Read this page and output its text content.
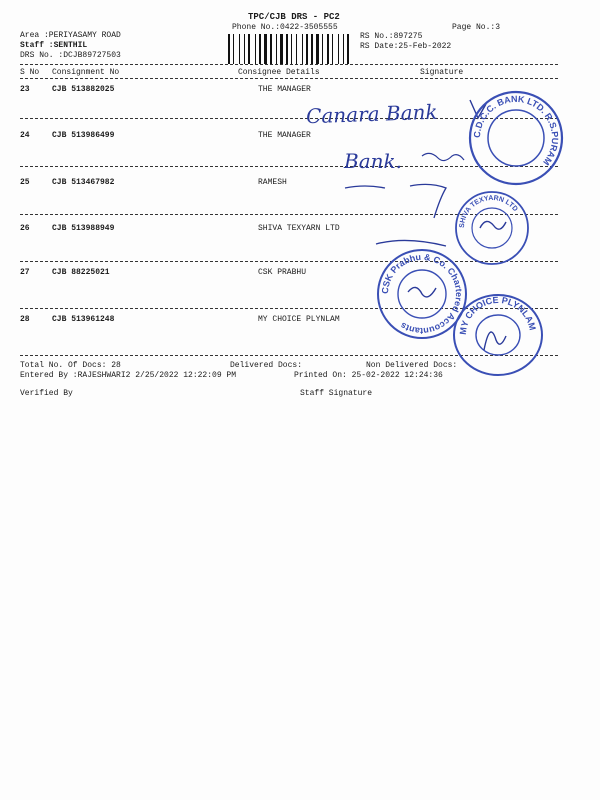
TPC/CJB DRS - PC2
Phone No.:0422-3505555	Page No.:3
Area :PERIYASAMY ROAD
Staff :SENTHIL
DRS No. :DCJB89727503
RS No.:897275
RS Date:25-Feb-2022
S No Consignment No	Consignee Details	Signature
23	CJB 513882025	THE MANAGER
24	CJB 513986499	THE MANAGER
25	CJB 513467982	RAMESH
26	CJB 513988949	SHIVA TEXYARN LTD
27	CJB 88225021	CSK PRABHU
28	CJB 513961248	MY CHOICE PLYNLAM
Total No. Of Docs: 28	Delivered Docs:	Non Delivered Docs:
Entered By :RAJESHWARI2 2/25/2022 12:22:09 PM	Printed On: 25-02-2022 12:24:36
Verified By	Staff Signature
Canara Bank
Bank.
C.D.C.C. BANK LTD. R.S.PURAM
SHIVA TEXYARN LTD
CSK Prabhu & Co. Chartered Accountants	MY CHOICE PLYNLAM
